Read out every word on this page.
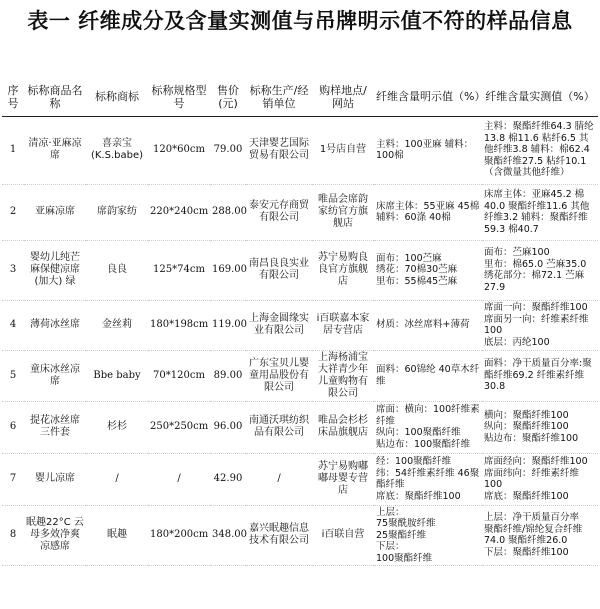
表一 纤维成分及含量实测值与吊牌明示值不符的样品信息
序号	标称商品名称	标称商标	标称规格型号	售价(元)	标称生产/经销单位	购样地点/网站	纤维含量明示值（%）	纤维含量实测值（%）
1	清凉·亚麻凉席	喜亲宝(K.S.babe)	120*60cm	79.00	天津婴艺国际贸易有限公司	1号店自营	主料：100亚麻 辅料：100棉	主料：聚酯纤维64.3 腈纶13.8 棉11.6 粘纤6.5 其他纤维3.8 辅料：棉62.4 聚酯纤维27.5 粘纤10.1（含微量其他纤维）
2	亚麻凉席	席韵家纺	220*240cm	288.00	泰安元存商贸有限公司	唯品会席韵家纺官方旗舰店	床席主体：55亚麻 45棉
辅料：60涤 40棉	床席主体：亚麻45.2 棉40.0 聚酯纤维11.6 其他纤维3.2 辅料：聚酯纤维59.3 棉40.7
3	婴幼儿纯芒麻保健凉席(加大) 绿	良良	125*74cm	169.00	南昌良良实业有限公司	苏宁易购良良官方旗舰店	面布：100苎麻
绣花：70棉30苎麻
里布：55棉45苎麻	面布：苎麻100
里布：棉65.0 苎麻35.0
绣花部分：棉72.1 苎麻27.9
4	薄荷冰丝席	金丝莉	180*198cm	119.00	上海金圆缘实业有限公司	i百联嘉本家居专营店	材质：冰丝席料+薄荷	席面一向：聚酯纤维100
席面另一向：纤维素纤维100
底层：丙纶100
5	童床冰丝凉席	Bbe baby	70*120cm	89.00	广东宝贝儿婴童用品股份有限公司	上海杨浦宝大祥青少年儿童购物有限公司	面料：60锦纶 40草木纤维	面料：净干质量百分率:聚酯纤维69.2 纤维素纤维30.8
6	提花冰丝席三件套	杉杉	250*250cm	96.00	南通沃琪纺织品有限公司	唯品会杉杉床品旗舰店	席面：横向：100纤维素纤维
纵向：100聚酯纤维
贴边布：100聚酯纤维	横向：聚酯纤维100
纵向：聚酯纤维100
贴边布：聚酯纤维100
7	婴儿凉席	/	/	42.90	/	苏宁易购嘟嘟母婴专营店	经：100聚酯纤维
纬：54纤维素纤维 46聚酯纤维
席底：聚酯纤维100	席面经向：聚酯纤维100
席面纬向：纤维素纤维100
席底：聚酯纤维100
8	眠趣22°C 云母多效净爽凉感席	眠趣	180*200cm	348.00	嘉兴眠趣信息技术有限公司	i百联自营	上层：
75聚酰胺纤维
25聚酯纤维
下层：
100聚酯纤维	上层：净干质量百分率
聚酯纤维/锦纶复合纤维74.0 聚酯纤维26.0
下层：聚酯纤维100
